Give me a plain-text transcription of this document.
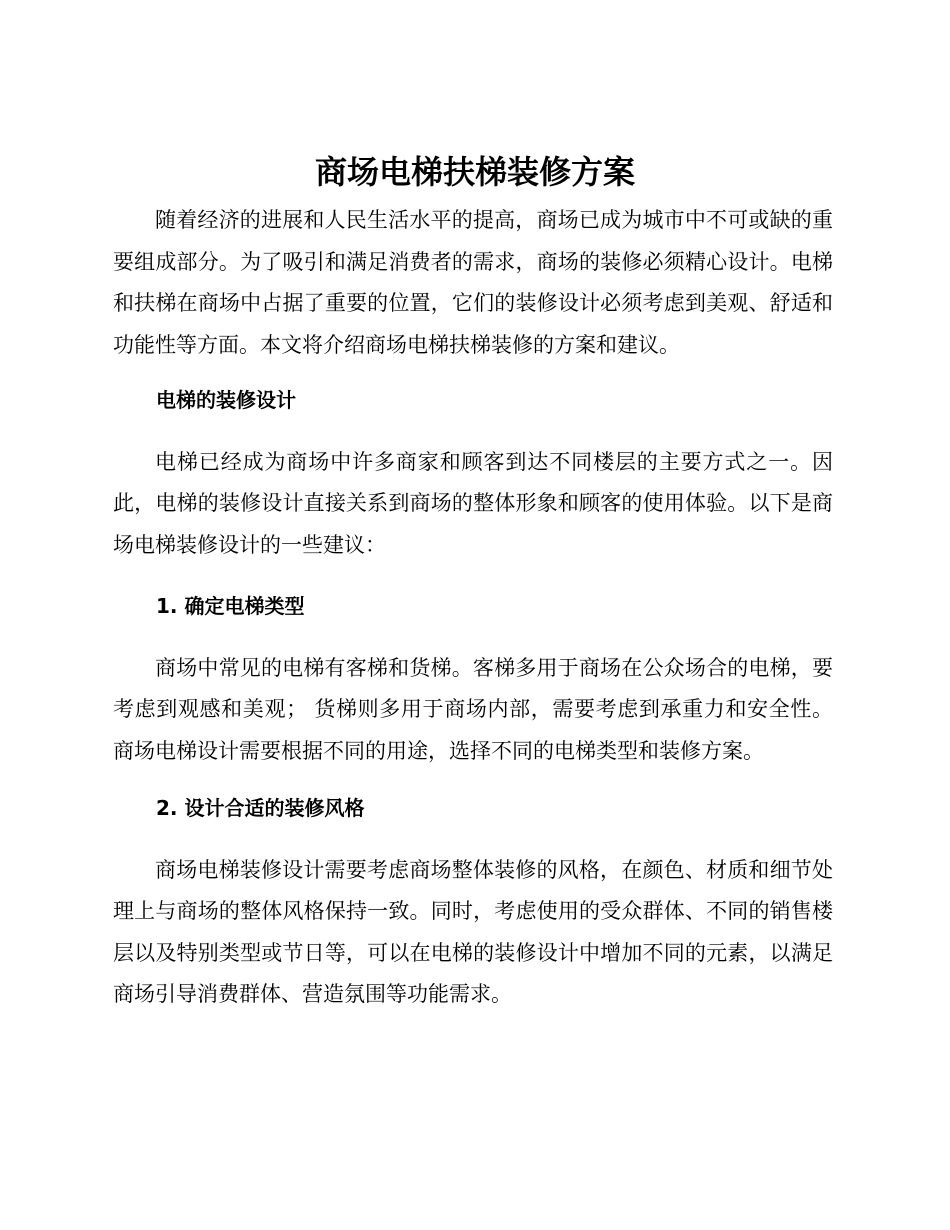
商场电梯扶梯装修方案

随着经济的进展和人民生活水平的提高，商场已成为城市中不可或缺的重要组成部分。为了吸引和满足消费者的需求，商场的装修必须精心设计。电梯和扶梯在商场中占据了重要的位置，它们的装修设计必须考虑到美观、舒适和功能性等方面。本文将介绍商场电梯扶梯装修的方案和建议。

电梯的装修设计

电梯已经成为商场中许多商家和顾客到达不同楼层的主要方式之一。因此，电梯的装修设计直接关系到商场的整体形象和顾客的使用体验。以下是商场电梯装修设计的一些建议：

1. 确定电梯类型

商场中常见的电梯有客梯和货梯。客梯多用于商场在公众场合的电梯，要考虑到观感和美观； 货梯则多用于商场内部，需要考虑到承重力和安全性。商场电梯设计需要根据不同的用途，选择不同的电梯类型和装修方案。

2. 设计合适的装修风格

商场电梯装修设计需要考虑商场整体装修的风格，在颜色、材质和细节处理上与商场的整体风格保持一致。同时，考虑使用的受众群体、不同的销售楼层以及特别类型或节日等，可以在电梯的装修设计中增加不同的元素，以满足商场引导消费群体、营造氛围等功能需求。
